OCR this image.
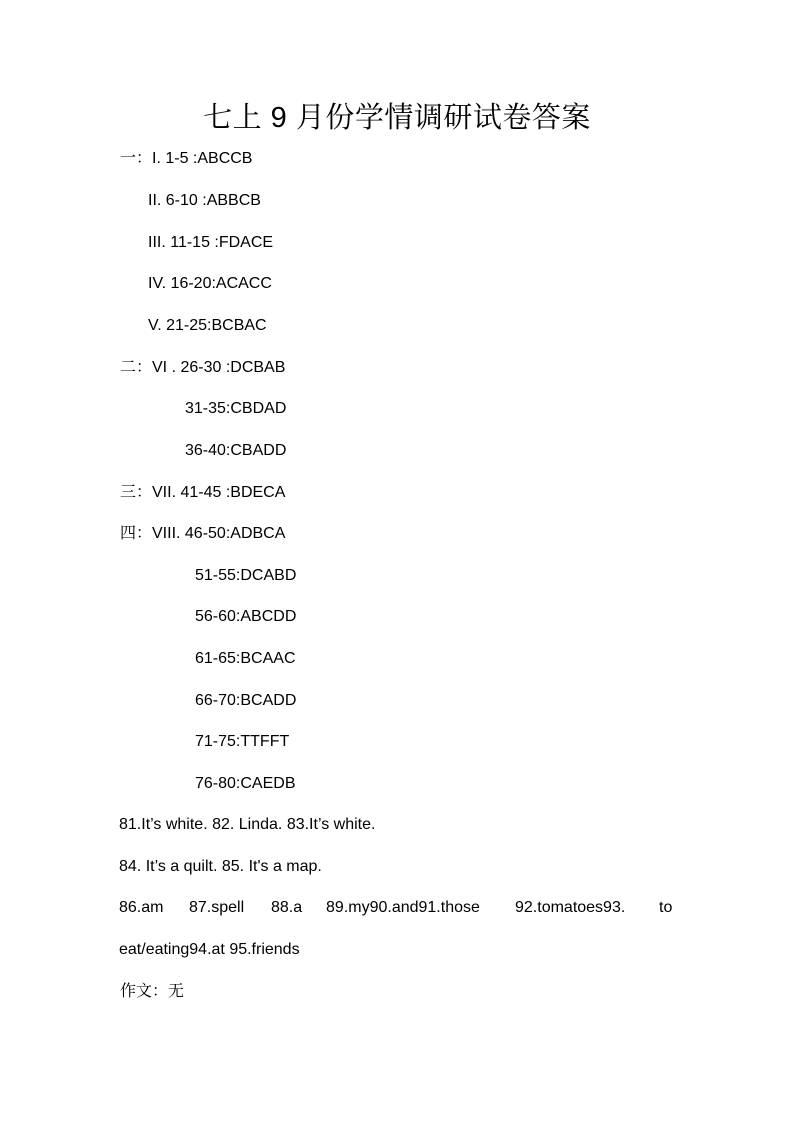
七上 9 月份学情调研试卷答案
一：I. 1-5 :ABCCB
II. 6-10 :ABBCB
III. 11-15 :FDACE
IV. 16-20:ACACC
V. 21-25:BCBAC
二：VI . 26-30 :DCBAB
31-35:CBDAD
36-40:CBADD
三：VII. 41-45 :BDECA
四：VIII. 46-50:ADBCA
51-55:DCABD
56-60:ABCDD
61-65:BCAAC
66-70:BCADD
71-75:TTFFT
76-80:CAEDB
81.It’s white. 82. Linda. 83.It’s white.
84. It’s a quilt. 85. It's a map.
86.am 87.spell 88.a 89.my90.and91.those 92.tomatoes93. to
eat/eating94.at 95.friends
作文：无
